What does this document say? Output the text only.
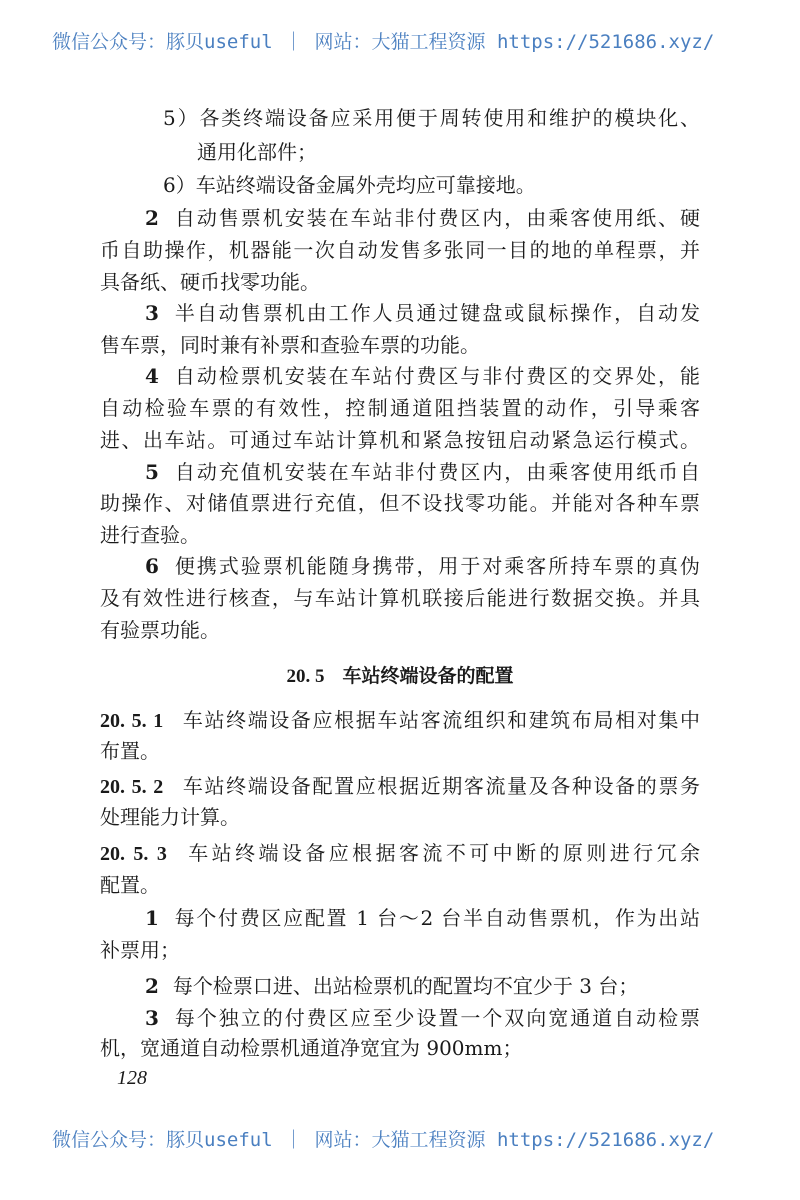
微信公众号：豚贝useful ｜ 网站：大猫工程资源 https://521686.xyz/
5）各类终端设备应采用便于周转使用和维护的模块化、
通用化部件；
6）车站终端设备金属外壳均应可靠接地。
2 自动售票机安装在车站非付费区内，由乘客使用纸、硬
币自助操作，机器能一次自动发售多张同一目的地的单程票，并
具备纸、硬币找零功能。
3 半自动售票机由工作人员通过键盘或鼠标操作，自动发
售车票，同时兼有补票和查验车票的功能。
4 自动检票机安装在车站付费区与非付费区的交界处，能
自动检验车票的有效性，控制通道阻挡装置的动作，引导乘客
进、出车站。可通过车站计算机和紧急按钮启动紧急运行模式。
5 自动充值机安装在车站非付费区内，由乘客使用纸币自
助操作、对储值票进行充值，但不设找零功能。并能对各种车票
进行查验。
6 便携式验票机能随身携带，用于对乘客所持车票的真伪
及有效性进行核查，与车站计算机联接后能进行数据交换。并具
有验票功能。
20. 5 车站终端设备的配置
20. 5. 1 车站终端设备应根据车站客流组织和建筑布局相对集中
布置。
20. 5. 2 车站终端设备配置应根据近期客流量及各种设备的票务
处理能力计算。
20. 5. 3 车站终端设备应根据客流不可中断的原则进行冗余
配置。
1 每个付费区应配置 1 台～2 台半自动售票机，作为出站
补票用；
2 每个检票口进、出站检票机的配置均不宜少于 3 台；
3 每个独立的付费区应至少设置一个双向宽通道自动检票
机，宽通道自动检票机通道净宽宜为 900mm；
128
微信公众号：豚贝useful ｜ 网站：大猫工程资源 https://521686.xyz/
